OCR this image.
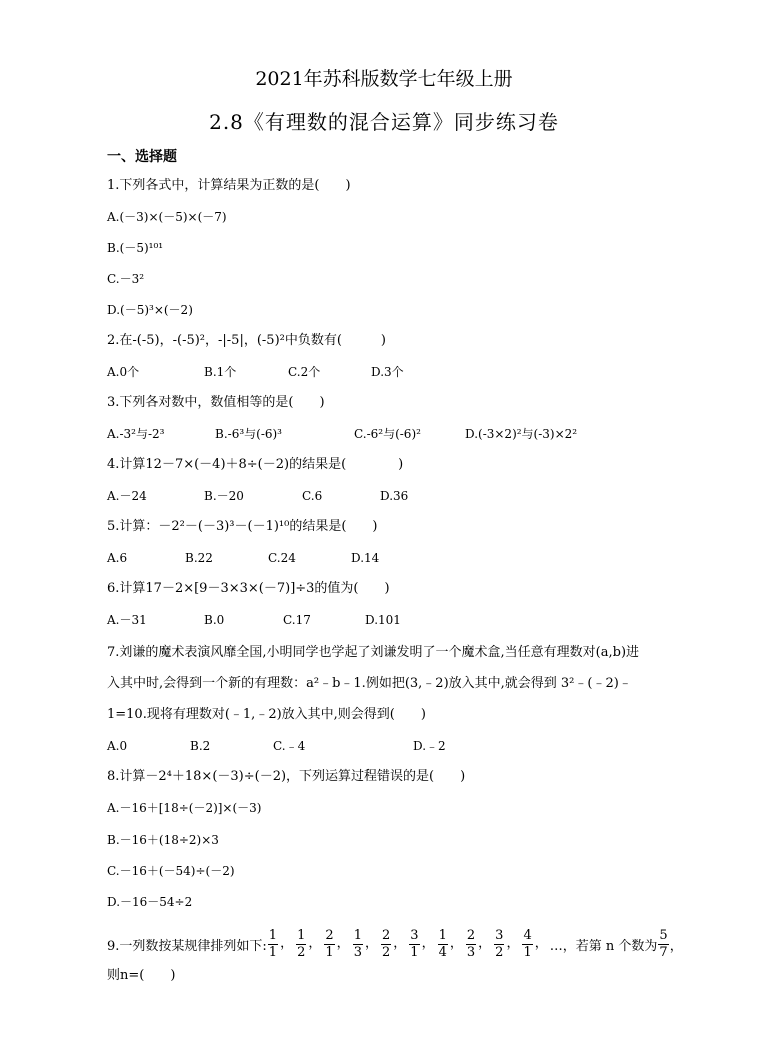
2021年苏科版数学七年级上册
2.8《有理数的混合运算》同步练习卷
一、选择题
1.下列各式中，计算结果为正数的是(　　)
A.(－3)×(－5)×(－7)
B.(－5)¹⁰¹
C.－3²
D.(－5)³×(－2)
2.在-(-5)，-(-5)²，-|-5|，(-5)²中负数有(　　　)
A.0个	B.1个	C.2个	D.3个
3.下列各对数中，数值相等的是(　　)
A.-3²与-2³	B.-6³与(-6)³	C.-6²与(-6)²	D.(-3×2)²与(-3)×2²
4.计算12－7×(－4)＋8÷(－2)的结果是(　　　　)
A.－24	B.－20	C.6	D.36
5.计算：－2²－(－3)³－(－1)¹⁰的结果是(　　)
A.6	B.22	C.24	D.14
6.计算17－2×[9－3×3×(－7)]÷3的值为(　　)
A.－31	B.0	C.17	D.101
7.刘谦的魔术表演风靡全国,小明同学也学起了刘谦发明了一个魔术盒,当任意有理数对(a,b)进
入其中时,会得到一个新的有理数：a²﹣b﹣1.例如把(3,﹣2)放入其中,就会得到 3²﹣(﹣2)﹣
1=10.现将有理数对(﹣1,﹣2)放入其中,则会得到(　　)
A.0	B.2	C.﹣4	D.﹣2
8.计算－2⁴＋18×(－3)÷(－2)，下列运算过程错误的是(　　)
A.－16＋[18÷(－2)]×(－3)
B.－16＋(18÷2)×3
C.－16＋(－54)÷(－2)
D.－16－54÷2
9.一列数按某规律排列如下: $\frac{1}{1}$ ， $\frac{1}{2}$ ， $\frac{2}{1}$ ， $\frac{1}{3}$ ， $\frac{2}{2}$ ， $\frac{3}{1}$ ， $\frac{1}{4}$ ， $\frac{2}{3}$ ， $\frac{3}{2}$ ， $\frac{4}{1}$ ， …，若第 n 个数为 $\frac{5}{7}$ ，
则n=(　　)
